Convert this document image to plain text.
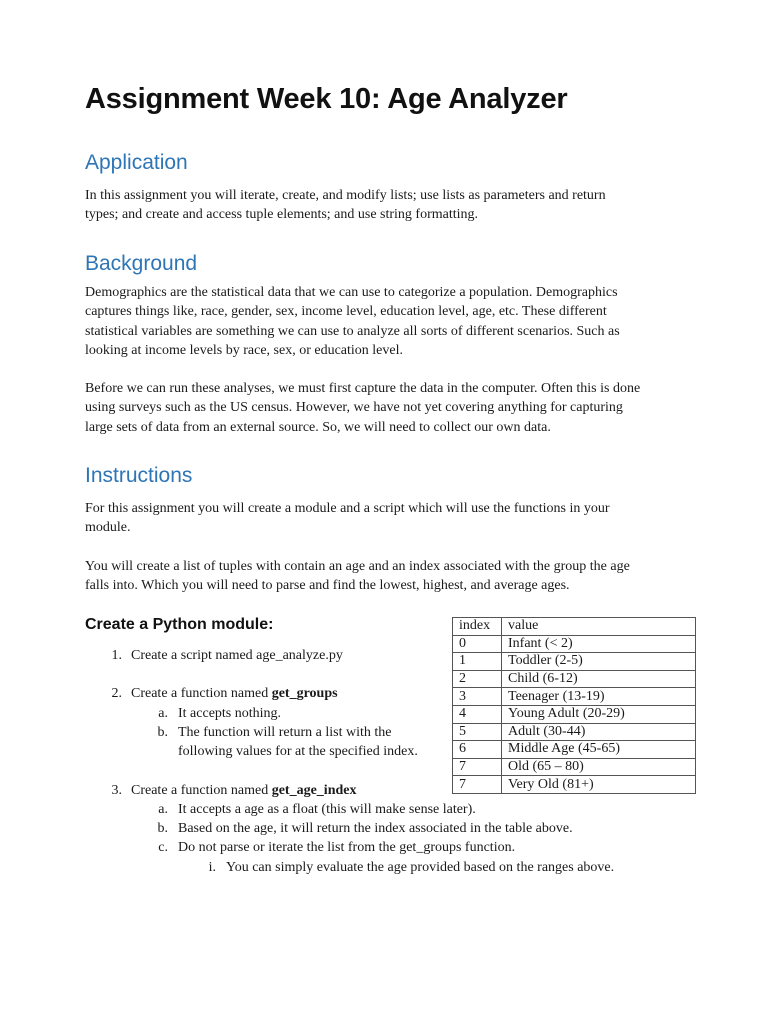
Assignment Week 10: Age Analyzer
Application

In this assignment you will iterate, create, and modify lists; use lists as parameters and return
types; and create and access tuple elements; and use string formatting.

Background

Demographics are the statistical data that we can use to categorize a population. Demographics
captures things like, race, gender, sex, income level, education level, age, etc. These different
statistical variables are something we can use to analyze all sorts of different scenarios. Such as
looking at income levels by race, sex, or education level.

Before we can run these analyses, we must first capture the data in the computer. Often this is done
using surveys such as the US census. However, we have not yet covering anything for capturing
large sets of data from an external source. So, we will need to collect our own data.

Instructions

For this assignment you will create a module and a script which will use the functions in your
module.

You will create a list of tuples with contain an age and an index associated with the group the age
falls into. Which you will need to parse and find the lowest, highest, and average ages.

Create a Python module:
1. Create a script named age_analyze.py
2. Create a function named get_groups
a. It accepts nothing.
b. The function will return a list with the
following values for at the specified index.
3. Create a function named get_age_index
a. It accepts a age as a float (this will make sense later).
b. Based on the age, it will return the index associated in the table above.
c. Do not parse or iterate the list from the get_groups function.
i. You can simply evaluate the age provided based on the ranges above.
index	value
0	Infant (< 2)
1	Toddler (2-5)
2	Child (6-12)
3	Teenager (13-19)
4	Young Adult (20-29)
5	Adult (30-44)
6	Middle Age (45-65)
7	Old (65 – 80)
7	Very Old (81+)
